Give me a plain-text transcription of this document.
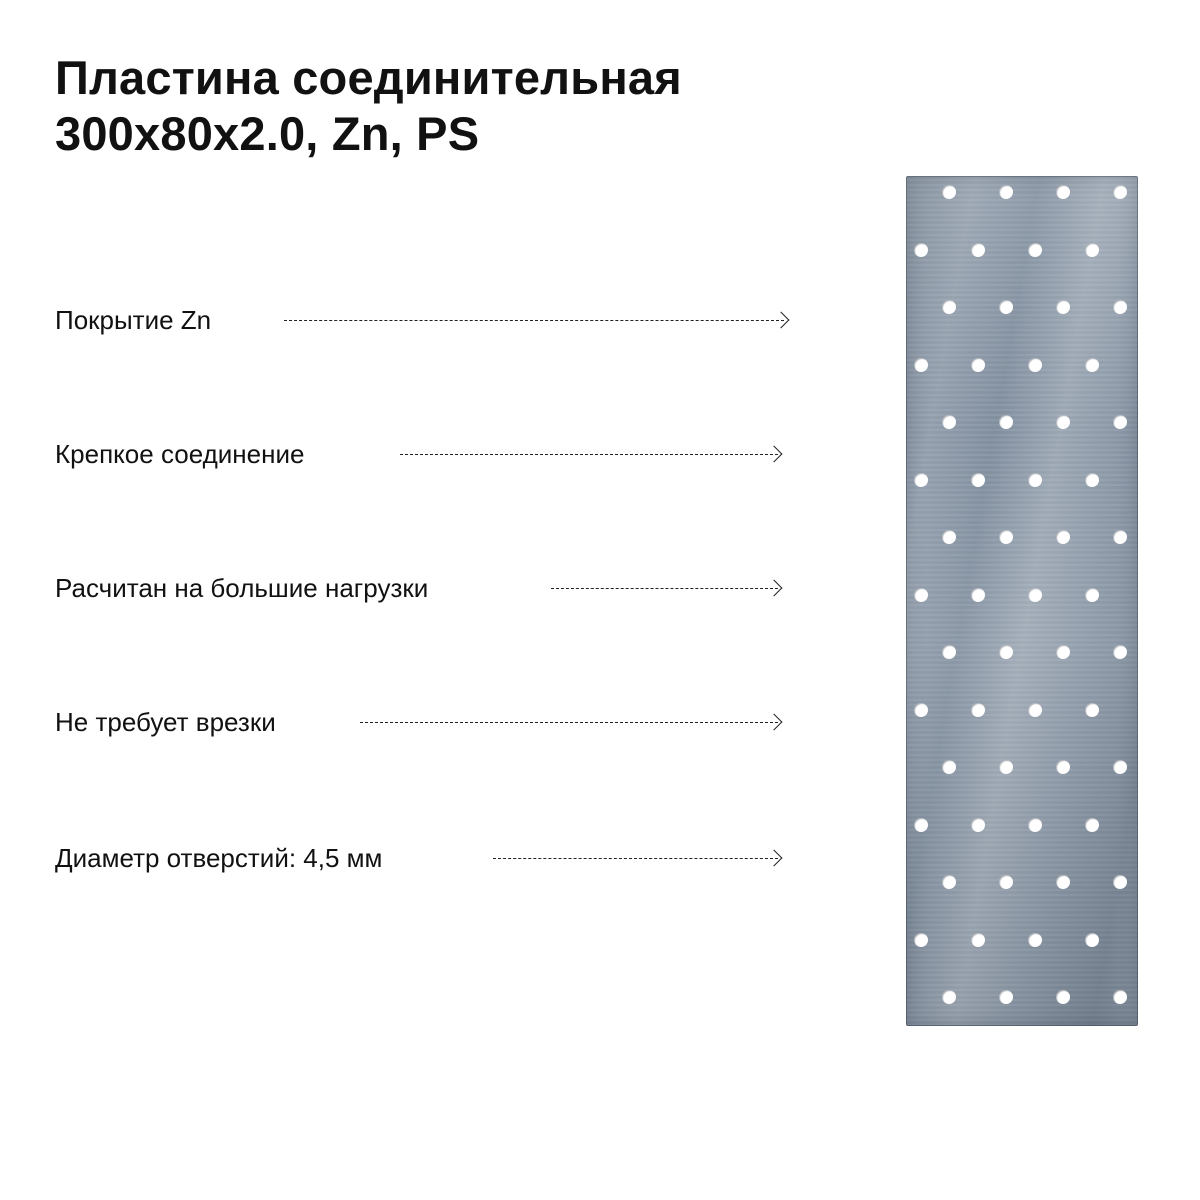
Пластина соединительная
300x80x2.0, Zn, PS
Покрытие Zn
Крепкое соединение
Расчитан на большие нагрузки
Не требует врезки
Диаметр отверстий: 4,5 мм
